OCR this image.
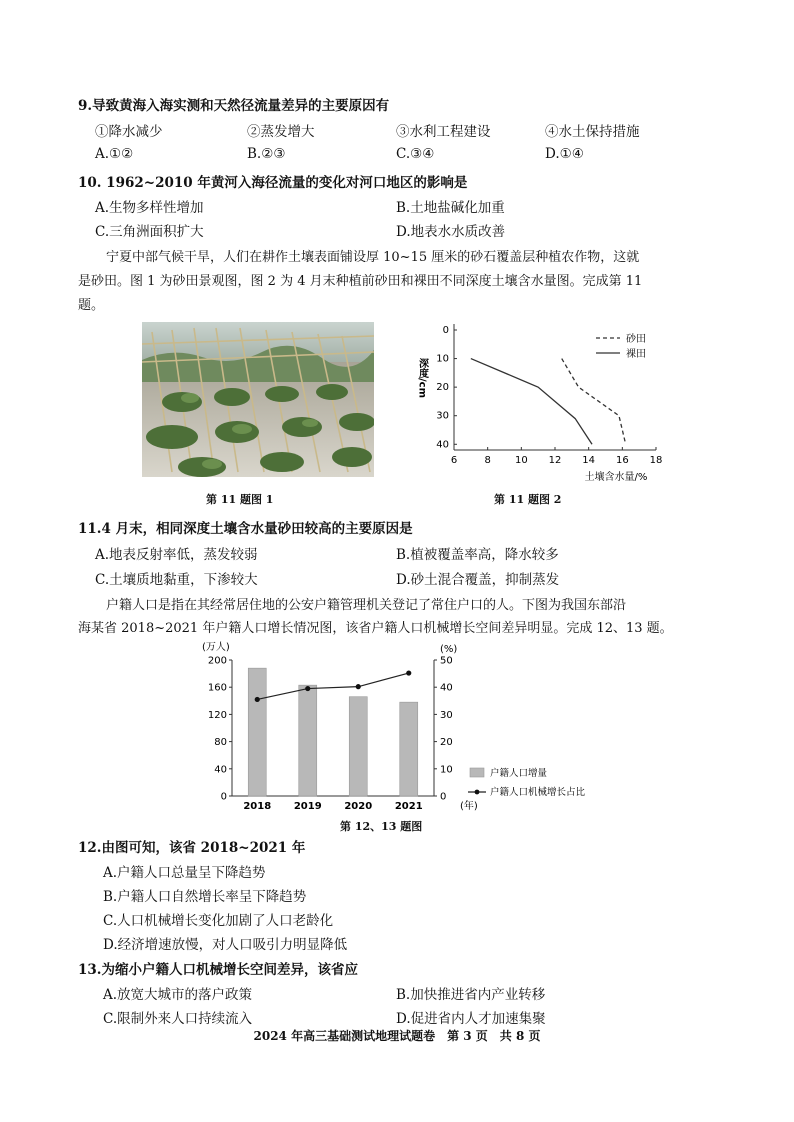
9.导致黄海入海实测和天然径流量差异的主要原因有
①降水减少	②蒸发增大	③水利工程建设	④水土保持措施
A.①②	B.②③	C.③④	D.①④
10. 1962~2010 年黄河入海径流量的变化对河口地区的影响是
A.生物多样性增加	B.土地盐碱化加重
C.三角洲面积扩大	D.地表水水质改善
宁夏中部气候干旱，人们在耕作土壤表面铺设厚 10~15 厘米的砂石覆盖层种植农作物，这就
是砂田。图 1 为砂田景观图，图 2 为 4 月末种植前砂田和裸田不同深度土壤含水量图。完成第 11
题。
第 11 题图 1
深度/cm
6	8 10 12 14 16 18
0
10
20
30
40
砂田
裸田
土壤含水量/%
第 11 题图 2
11.4 月末，相同深度土壤含水量砂田较高的主要原因是
A.地表反射率低，蒸发较弱	B.植被覆盖率高，降水较多
C.土壤质地黏重，下渗较大	D.砂土混合覆盖，抑制蒸发
户籍人口是指在其经常居住地的公安户籍管理机关登记了常住户口的人。下图为我国东部沿
海某省 2018~2021 年户籍人口增长情况图，该省户籍人口机械增长空间差异明显。完成 12、13 题。
(万人)	(%)
0
40
80
120
160
200
0
10
20
30
40
50
2018 2019 2020 2021
户籍人口增量
户籍人口机械增长占比
(年)
第 12、13 题图
12.由图可知，该省 2018~2021 年
A.户籍人口总量呈下降趋势
B.户籍人口自然增长率呈下降趋势
C.人口机械增长变化加剧了人口老龄化
D.经济增速放慢，对人口吸引力明显降低
13.为缩小户籍人口机械增长空间差异，该省应
A.放宽大城市的落户政策	B.加快推进省内产业转移
C.限制外来人口持续流入	D.促进省内人才加速集聚
2024 年高三基础测试地理试题卷　第 3 页　共 8 页
